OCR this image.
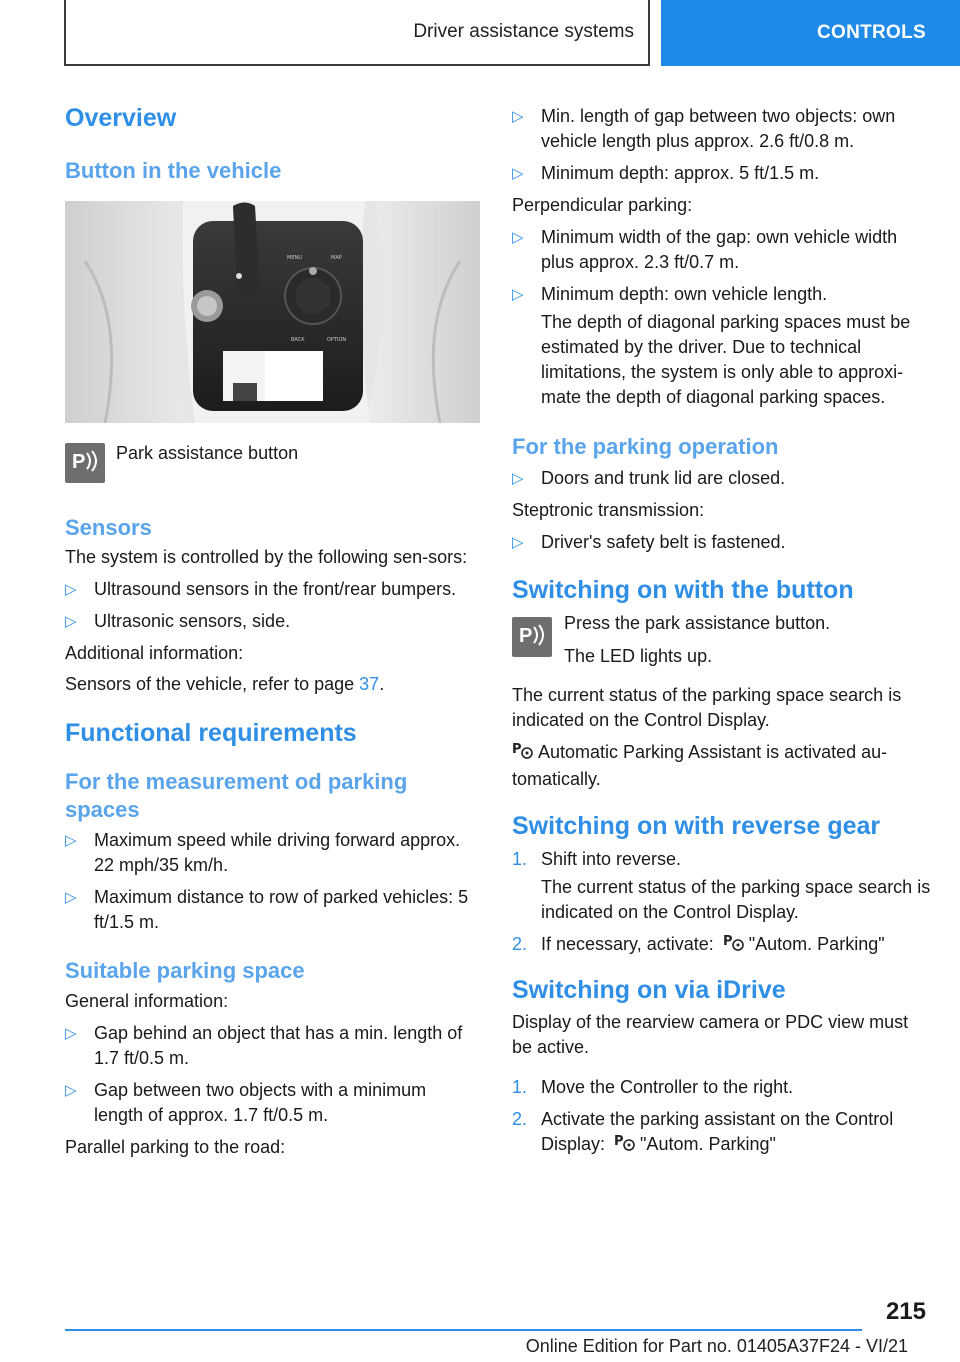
Driver assistance systems	CONTROLS
Overview
Button in the vehicle
MENU	MAP
BACK	OPTION
P Park assistance button

Sensors

The system is controlled by the following sen-sors:

▷ Ultrasound sensors in the front/rear bumpers.
▷ Ultrasonic sensors, side.

Additional information:

Sensors of the vehicle, refer to page 37.

Functional requirements
For the measurement od parking spaces
▷ Maximum speed while driving forward approx. 22 mph/35 km/h.
▷ Maximum distance to row of parked vehicles: 5 ft/1.5 m.
Suitable parking space

General information:

▷ Gap behind an object that has a min. length of 1.7 ft/0.5 m.
▷ Gap between two objects with a minimum length of approx. 1.7 ft/0.5 m.

Parallel parking to the road:

▷ Min. length of gap between two objects: own vehicle length plus approx. 2.6 ft/0.8 m.
▷ Minimum depth: approx. 5 ft/1.5 m.

Perpendicular parking:

▷ Minimum width of the gap: own vehicle width plus approx. 2.3 ft/0.7 m.
▷ Minimum depth: own vehicle length.

The depth of diagonal parking spaces must be estimated by the driver. Due to technical limitations, the system is only able to approxi-mate the depth of diagonal parking spaces.

For the parking operation
▷ Doors and trunk lid are closed.

Steptronic transmission:

▷ Driver's safety belt is fastened.
Switching on with the button
P

Press the park assistance button.

The LED lights up.

The current status of the parking space search is indicated on the Control Display.

P Automatic Parking Assistant is activated au-tomatically.

Switching on with reverse gear
1. Shift into reverse.

The current status of the parking space search is indicated on the Control Display.

2. If necessary, activate: P "Autom. Parking"
Switching on via iDrive

Display of the rearview camera or PDC view must be active.

1. Move the Controller to the right.
2. Activate the parking assistant on the Control Display: P "Autom. Parking"
215
Online Edition for Part no. 01405A37F24 - VI/21
